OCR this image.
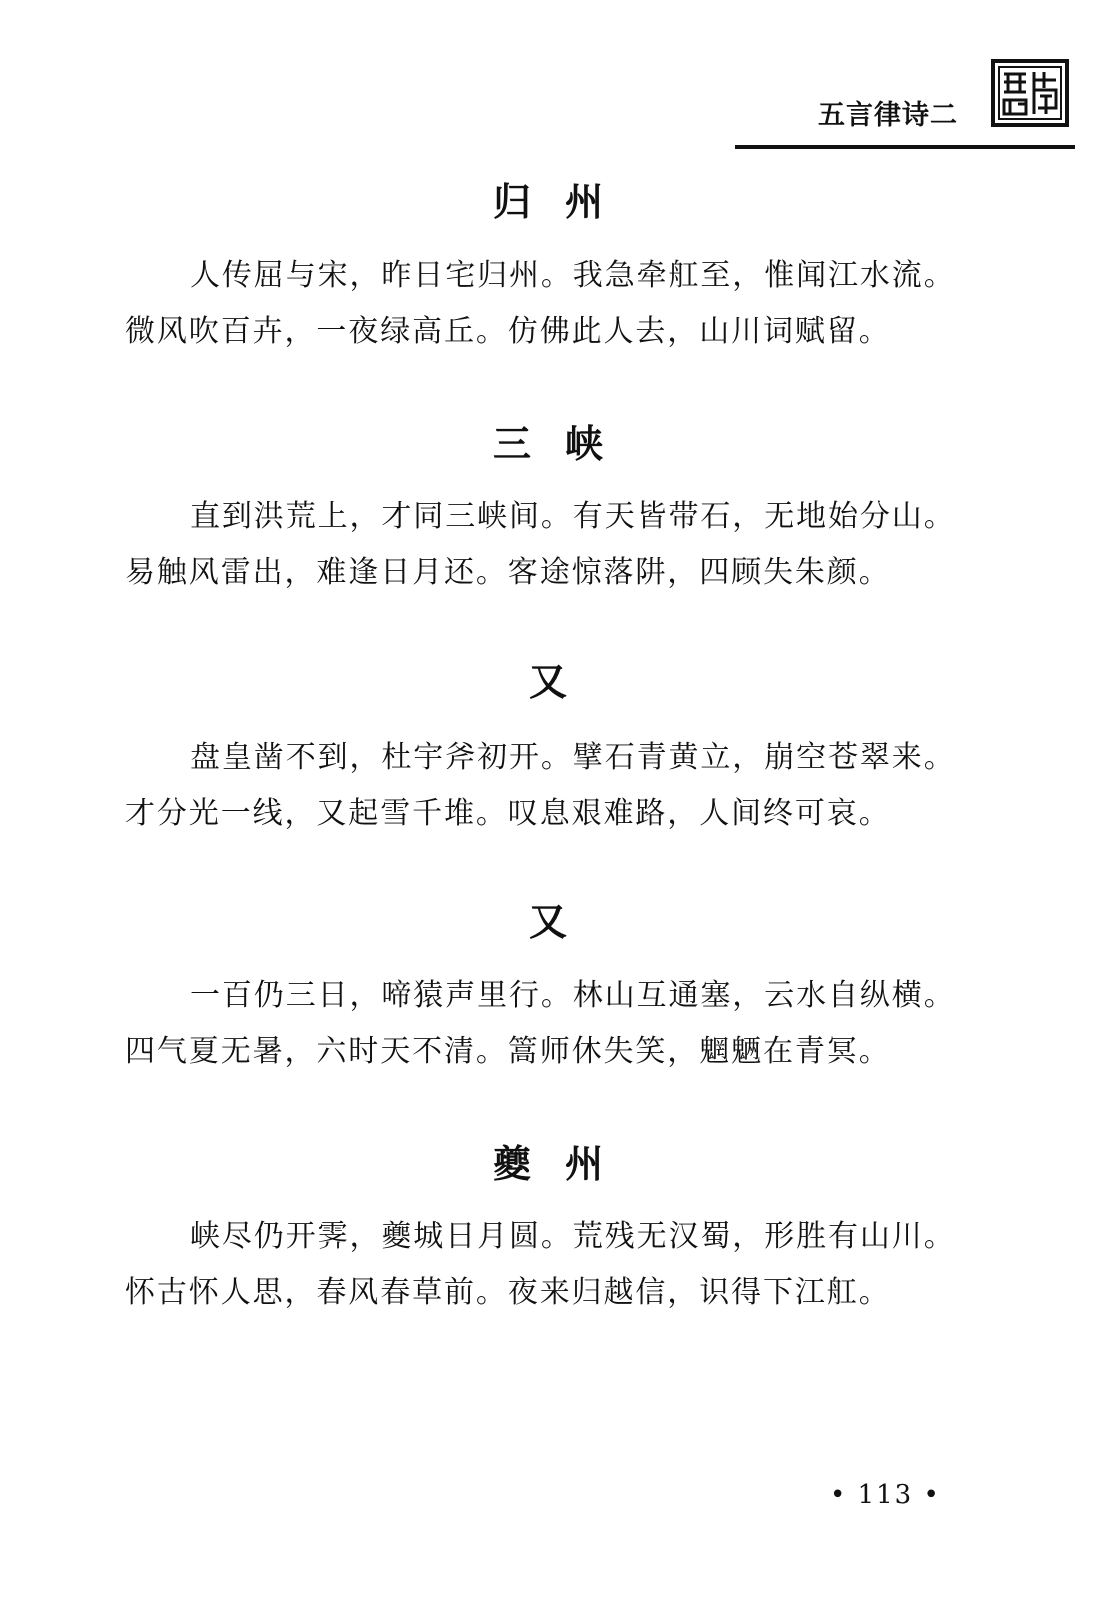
五言律诗二
归州
人传屈与宋，昨日宅归州。我急牵舡至，惟闻江水流。
微风吹百卉，一夜绿高丘。仿佛此人去，山川词赋留。
三峡
直到洪荒上，才同三峡间。有天皆带石，无地始分山。
易触风雷出，难逢日月还。客途惊落阱，四顾失朱颜。
又
盘皇凿不到，杜宇斧初开。擘石青黄立，崩空苍翠来。
才分光一线，又起雪千堆。叹息艰难路，人间终可哀。
又
一百仍三日，啼猿声里行。林山互通塞，云水自纵横。
四气夏无暑，六时天不清。篙师休失笑，魍魉在青冥。
夔州
峡尽仍开霁，夔城日月圆。荒残无汉蜀，形胜有山川。
怀古怀人思，春风春草前。夜来归越信，识得下江舡。
• 113 •
